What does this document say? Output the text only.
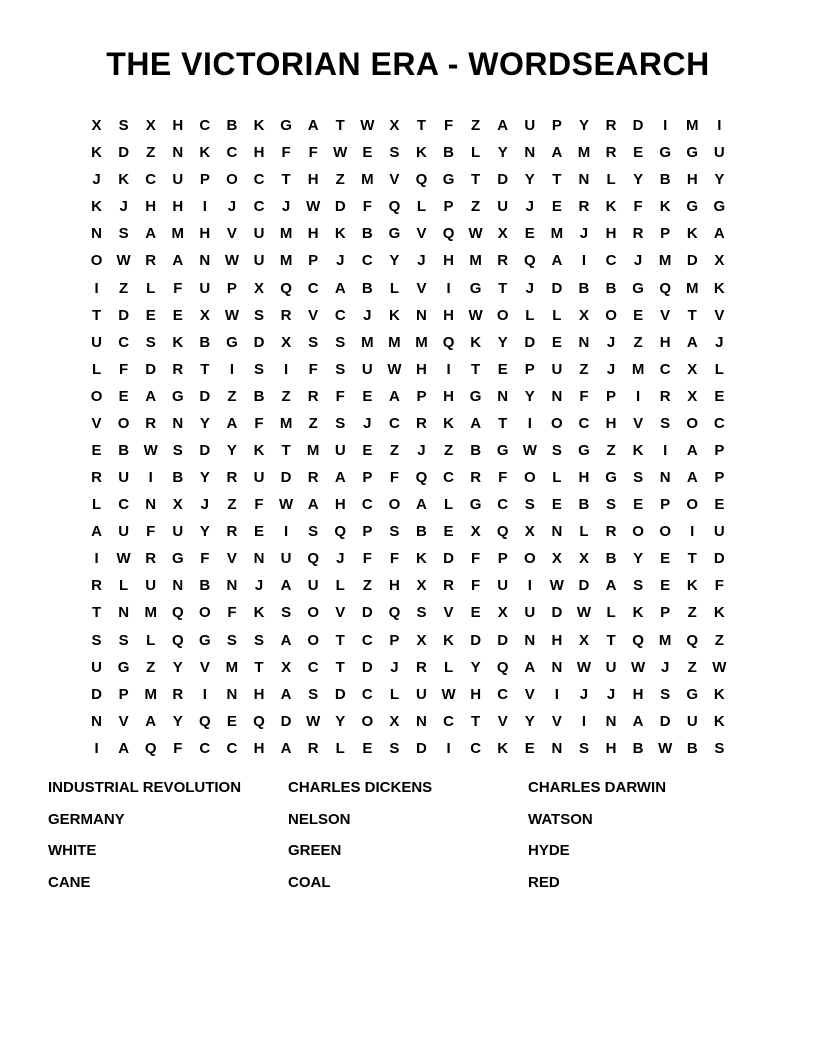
THE VICTORIAN ERA - WORDSEARCH
X	S	X	H	C	B	K	G	A	T	W X	T	F	Z	A	U	P	Y	R	D	I	M	I
K	D	Z	N	K	C	H	F	F	W E	S	K	B	L	Y	N	A	M	R	E	G	G	U
J	K	C	U	P	O	C	T	H	Z	M	V	Q	G	T	D	Y	T	N	L	Y	B	H	Y
K	J	H	H	I	J	C	J	W D	F	Q	L	P	Z	U	J	E	R	K	F	K	G	G
N	S	A	M	H	V	U	M	H	K	B	G	V	Q W X	E	M	J	H	R	P	K	A
O W R	A	N W U	M	P	J	C	Y	J	H	M	R	Q	A	I	C	J	M	D	X
I	Z	L	F	U	P	X	Q	C	A	B	L	V	I	G	T	J	D	B	B	G	Q M	K
T	D	E	E	X W S	R	V	C	J	K	N	H W O	L	L	X	O	E	V	T	V
U	C	S	K	B	G	D	X	S	S	M M M	Q	K	Y	D	E	N	J	Z	H	A	J
L	F	D	R	T	I	S	I	F	S	U W H	I	T	E	P	U	Z	J	M	C	X	L
O	E	A	G	D	Z	B	Z	R	F	E	A	P	H	G	N	Y	N	F	P	I	R	X	E
V	O	R	N	Y	A	F	M	Z	S	J	C	R	K	A	T	I	O	C	H	V	S	O	C
E	B W S	D	Y	K	T	M	U	E	Z	J	Z	B	G W S	G	Z	K	I	A	P
R	U	I	B	Y	R	U	D	R	A	P	F	Q	C	R	F	O	L	H	G	S	N	A	P
L	C	N	X	J	Z	F	W A	H	C	O	A	L	G	C	S	E	B	S	E	P	O	E
A	U	F	U	Y	R	E	I	S	Q	P	S	B	E	X	Q	X	N	L	R	O	O	I	U
I	W R	G	F	V	N	U	Q	J	F	F	K	D	F	P	O	X	X	B	Y	E	T	D
R	L	U	N	B	N	J	A	U	L	Z	H	X	R	F	U	I	W D	A	S	E	K	F
T	N	M	Q	O	F	K	S	O	V	D	Q	S	V	E	X	U	D W	L	K	P	Z	K
S	S	L	Q	G	S	S	A	O	T	C	P	X	K	D	D	N	H	X	T	Q M	Q	Z
U	G	Z	Y	V	M	T	X	C	T	D	J	R	L	Y	Q	A	N W U W	J	Z	W
D	P	M	R	I	N	H	A	S	D	C	L	U W H	C	V	I	J	J	H	S	G	K
N	V	A	Y	Q	E	Q	D W Y	O	X	N	C	T	V	Y	V	I	N	A	D	U	K
I	A	Q	F	C	C	H	A	R	L	E	S	D	I	C	K	E	N	S	H	B W B	S
INDUSTRIAL REVOLUTION	CHARLES DICKENS	CHARLES DARWIN
GERMANY	NELSON	WATSON
WHITE	GREEN	HYDE
CANE	COAL	RED
